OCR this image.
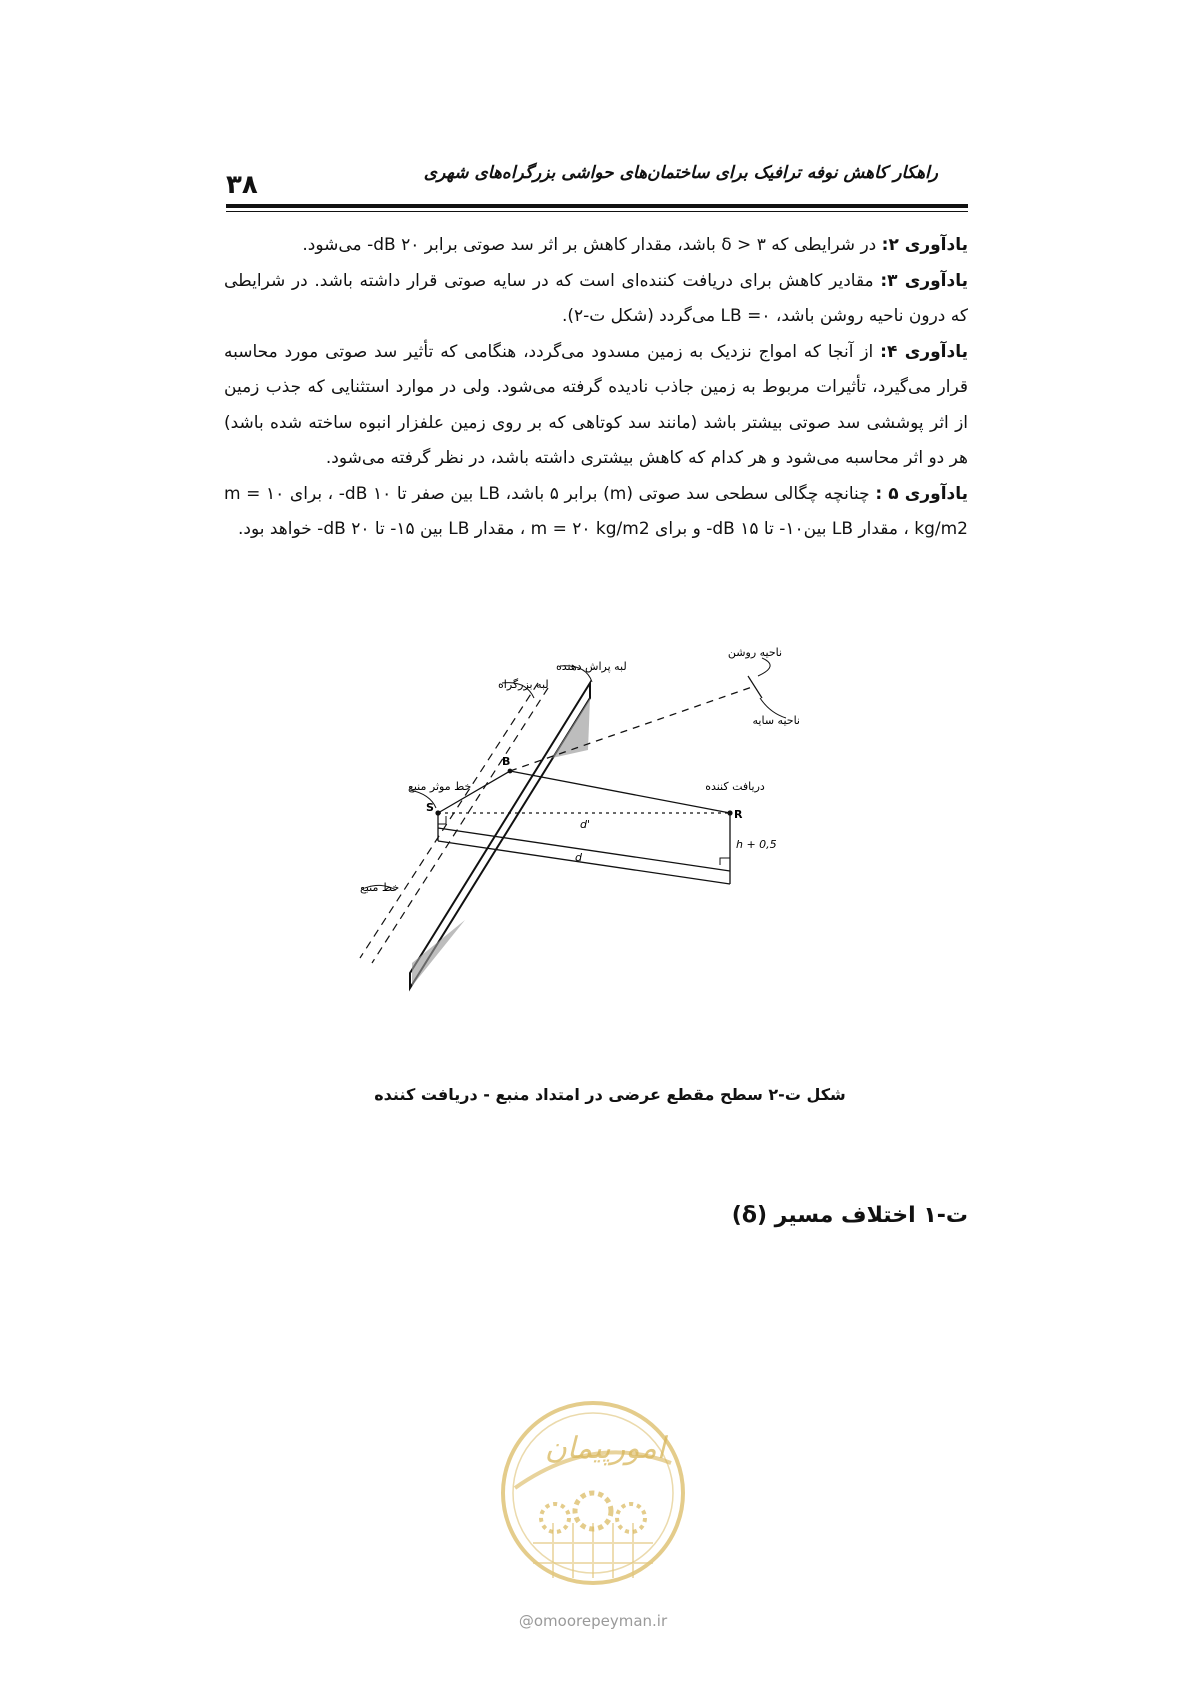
راهکار کاهش نوفه ترافیک برای ساختمان‌های حواشی بزرگراه‌های شهری
۳۸

یادآوری ۲: در شرایطی که ۳ < δ باشد، مقدار کاهش بر اثر سد صوتی برابر ۲۰ dB- می‌شود.

یادآوری ۳: مقادیر کاهش برای دریافت کننده‌ای است که در سایه صوتی قرار داشته باشد. در شرایطی که درون ناحیه روشن باشد، LB =۰ می‌گردد (شکل ت-۲).

یادآوری ۴: از آنجا که امواج نزدیک به زمین مسدود می‌گردد، هنگامی که تأثیر سد صوتی مورد محاسبه قرار می‌گیرد، تأثیرات مربوط به زمین جاذب نادیده گرفته می‌شود. ولی در موارد استثنایی که جذب زمین از اثر پوششی سد صوتی بیشتر باشد (مانند سد کوتاهی که بر روی زمین علفزار انبوه ساخته شده باشد) هر دو اثر محاسبه می‌شود و هر کدام که کاهش بیشتری داشته باشد، در نظر گرفته می‌شود.

یادآوری ۵ : چنانچه چگالی سطحی سد صوتی (m) برابر ۵ باشد، LB بین صفر تا ۱۰ dB- ، برای m = ۱۰ kg/m2 ، مقدار LB بین۱۰- تا ۱۵ dB- و برای m = ۲۰ kg/m2 ، مقدار LB بین ۱۵- تا ۲۰ dB- خواهد بود.

ناحیه روشن
ناحیه سایه
لبه پراش دهنده
لبه بزرگراه
خط موثر منبع
خط منبع
دریافت کننده
S
B
R
d'
d
h + 0,5
شکل ت-۲ سطح مقطع عرضی در امتداد منبع - دریافت کننده
ت-۱ اختلاف مسیر (δ)
امورپیمان
@omoorepeyman.ir
